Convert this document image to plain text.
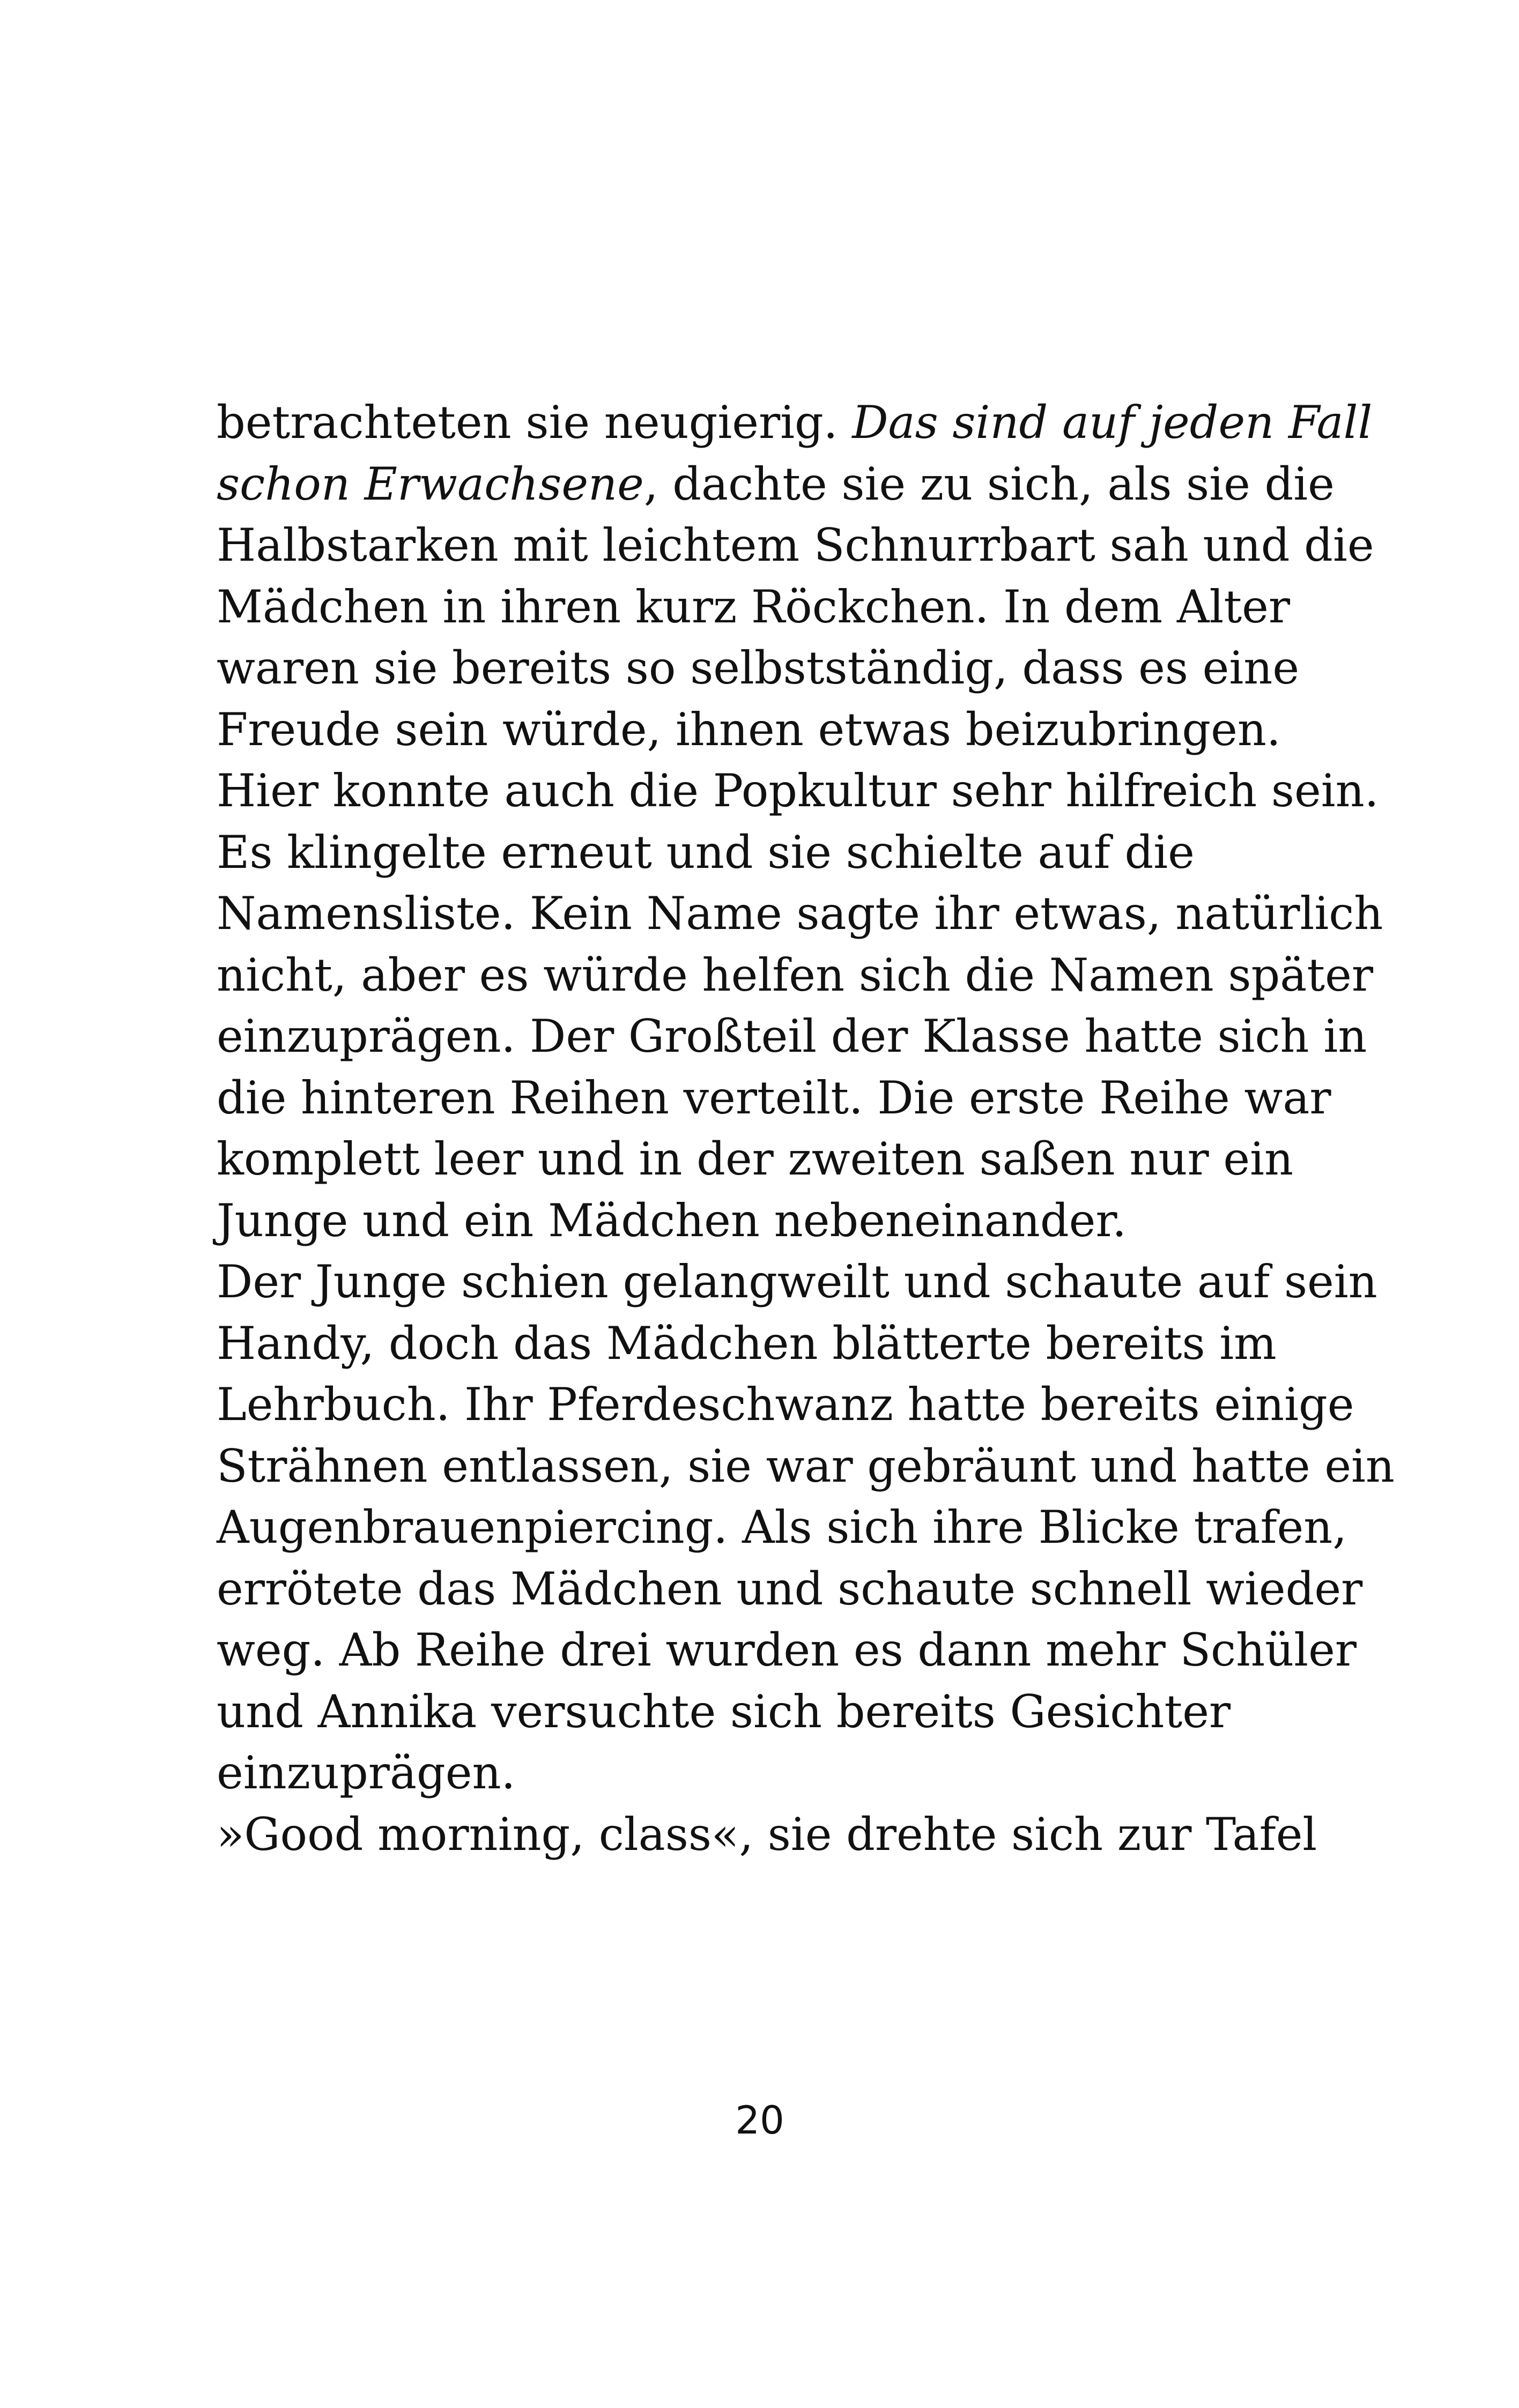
betrachteten sie neugierig. Das sind auf jeden Fall
schon Erwachsene, dachte sie zu sich, als sie die
Halbstarken mit leichtem Schnurrbart sah und die
Mädchen in ihren kurz Röckchen. In dem Alter
waren sie bereits so selbstständig, dass es eine
Freude sein würde, ihnen etwas beizubringen.
Hier konnte auch die Popkultur sehr hilfreich sein.
Es klingelte erneut und sie schielte auf die
Namensliste. Kein Name sagte ihr etwas, natürlich
nicht, aber es würde helfen sich die Namen später
einzuprägen. Der Großteil der Klasse hatte sich in
die hinteren Reihen verteilt. Die erste Reihe war
komplett leer und in der zweiten saßen nur ein
Junge und ein Mädchen nebeneinander.
Der Junge schien gelangweilt und schaute auf sein
Handy, doch das Mädchen blätterte bereits im
Lehrbuch. Ihr Pferdeschwanz hatte bereits einige
Strähnen entlassen, sie war gebräunt und hatte ein
Augenbrauenpiercing. Als sich ihre Blicke trafen,
errötete das Mädchen und schaute schnell wieder
weg. Ab Reihe drei wurden es dann mehr Schüler
und Annika versuchte sich bereits Gesichter
einzuprägen.
»Good morning, class«, sie drehte sich zur Tafel
20
